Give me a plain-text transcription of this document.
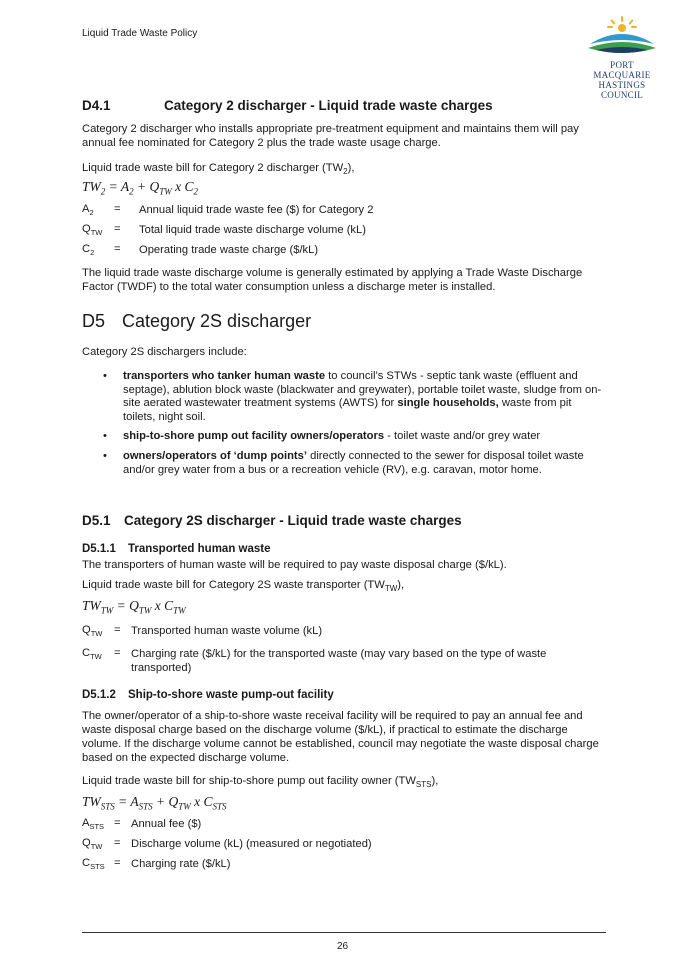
Liquid Trade Waste Policy
PORT MACQUARIE
HASTINGS COUNCIL
D4.1	Category 2 discharger - Liquid trade waste charges
Category 2 discharger who installs appropriate pre-treatment equipment and maintains them will pay annual fee nominated for Category 2 plus the trade waste usage charge.
Liquid trade waste bill for Category 2 discharger $(TW_2)$,
$TW_2 = A_2 + Q_{TW}$ x $C_2$
$A_2$ = Annual liquid trade waste fee ($) for Category 2
$Q_{TW}$ = Total liquid trade waste discharge volume (kL)
$C_2$ = Operating trade waste charge ($/kL)
The liquid trade waste discharge volume is generally estimated by applying a Trade Waste Discharge Factor (TWDF) to the total water consumption unless a discharge meter is installed.
D5 Category 2S discharger
Category 2S dischargers include:
• transporters who tanker human waste to council’s STWs - septic tank waste (effluent and septage), ablution block waste (blackwater and greywater), portable toilet waste, sludge from on-site aerated wastewater treatment systems (AWTS) for single households, waste from pit toilets, night soil.
• ship-to-shore pump out facility owners/operators - toilet waste and/or grey water
• owners/operators of ‘dump points’ directly connected to the sewer for disposal toilet waste and/or grey water from a bus or a recreation vehicle (RV), e.g. caravan, motor home.
D5.1 Category 2S discharger - Liquid trade waste charges
D5.1.1 Transported human waste
The transporters of human waste will be required to pay waste disposal charge ($/kL).
Liquid trade waste bill for Category 2S waste transporter $(TW_{TW})$,
$TW_{TW} = Q_{TW}$ x $C_{TW}$
$Q_{TW}$ = Transported human waste volume (kL)
$C_{TW}$ = Charging rate ($/kL) for the transported waste (may vary based on the type of waste transported)
D5.1.2 Ship-to-shore waste pump-out facility
The owner/operator of a ship-to-shore waste receival facility will be required to pay an annual fee and waste disposal charge based on the discharge volume ($/kL), if practical to estimate the discharge volume. If the discharge volume cannot be established, council may negotiate the waste disposal charge based on the expected discharge volume.
Liquid trade waste bill for ship-to-shore pump out facility owner $(TW_{STS})$,
$TW_{STS} = A_{STS} + Q_{TW}$ x $C_{STS}$
$A_{STS}$ = Annual fee ($)
$Q_{TW}$ = Discharge volume (kL) (measured or negotiated)
$C_{STS}$ = Charging rate ($/kL)
26
